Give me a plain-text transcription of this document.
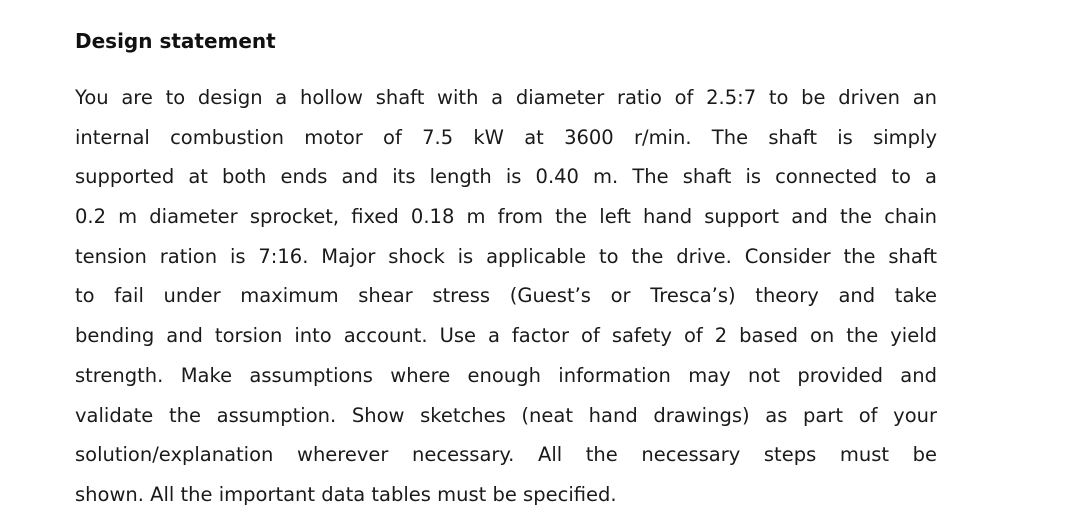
Design statement
You are to design a hollow shaft with a diameter ratio of 2.5:7 to be driven an
internal combustion motor of 7.5 kW at 3600 r/min. The shaft is simply
supported at both ends and its length is 0.40 m. The shaft is connected to a
0.2 m diameter sprocket, fixed 0.18 m from the left hand support and the chain
tension ration is 7:16. Major shock is applicable to the drive. Consider the shaft
to fail under maximum shear stress (Guest’s or Tresca’s) theory and take
bending and torsion into account. Use a factor of safety of 2 based on the yield
strength. Make assumptions where enough information may not provided and
validate the assumption. Show sketches (neat hand drawings) as part of your
solution/explanation wherever necessary. All the necessary steps must be
shown. All the important data tables must be specified.
